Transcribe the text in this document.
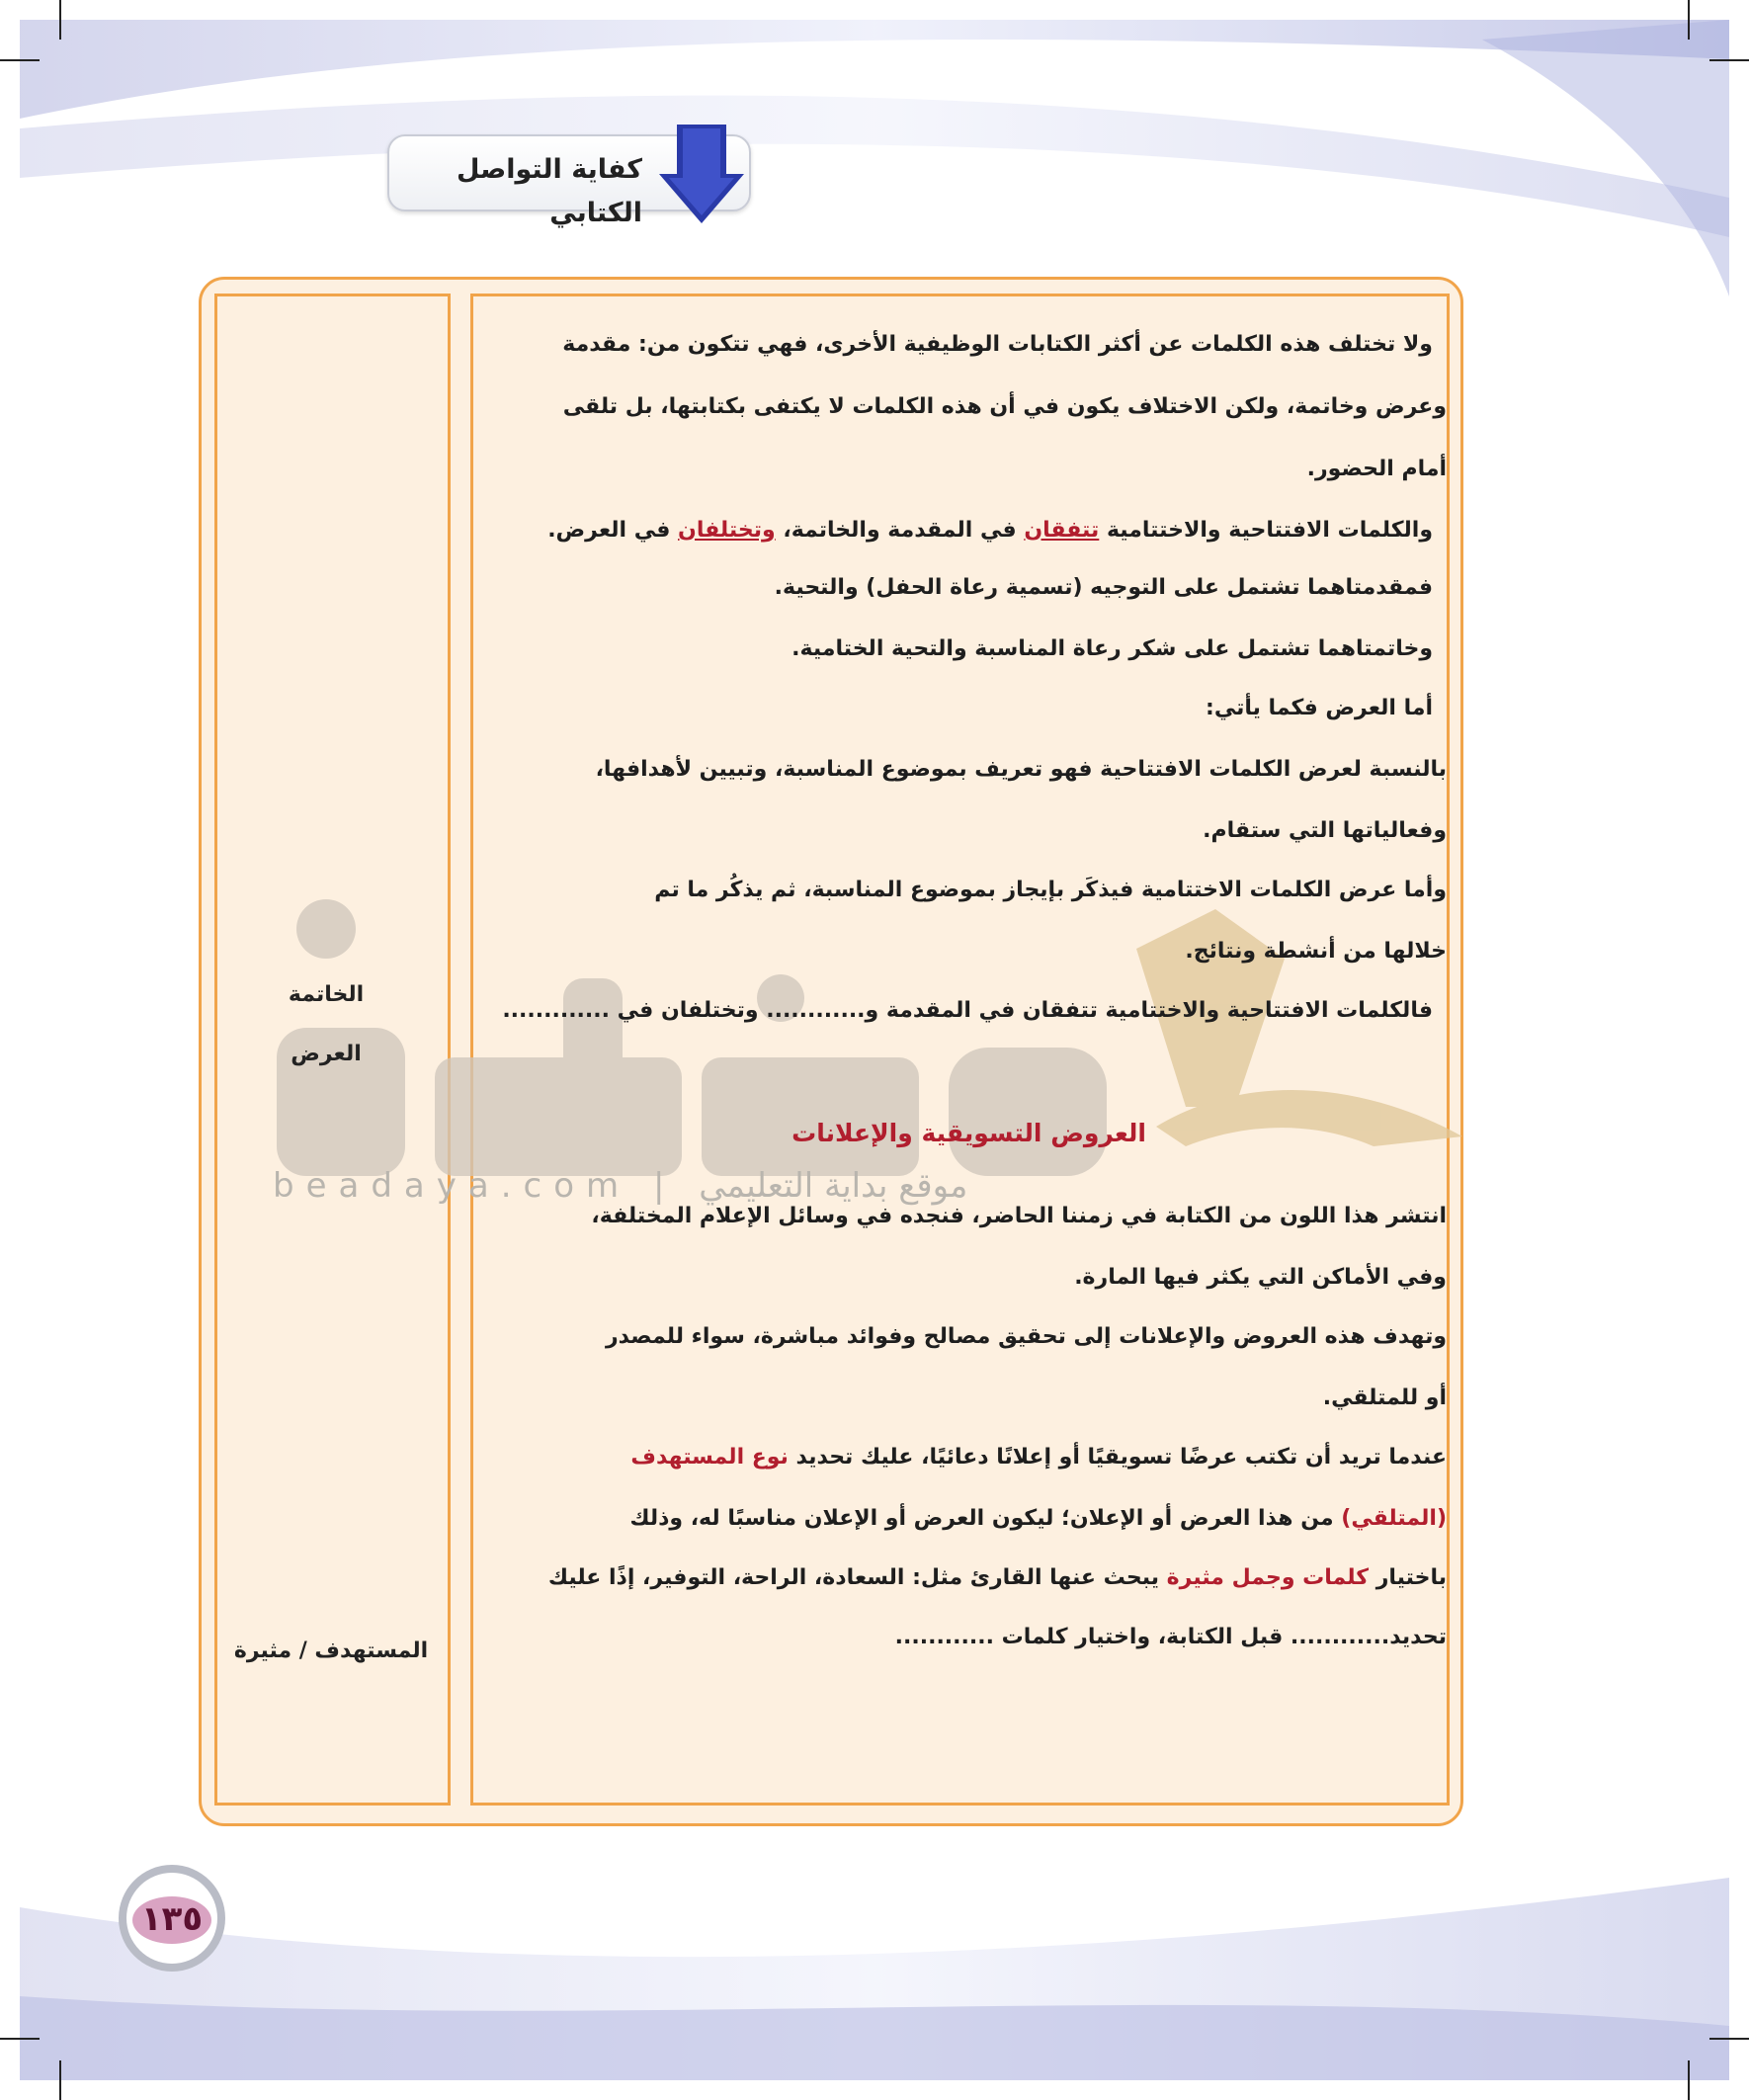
كفاية التواصل الكتابي
beadaya.com | موقع بداية التعليمي
ولا تختلف هذه الكلمات عن أكثر الكتابات الوظيفية الأخرى، فهي تتكون من: مقدمة
وعرض وخاتمة، ولكن الاختلاف يكون في أن هذه الكلمات لا يكتفى بكتابتها، بل تلقى
أمام الحضور.
والكلمات الافتتاحية والاختتامية تتفقان في المقدمة والخاتمة، وتختلفان في العرض.
فمقدمتاهما تشتمل على التوجيه (تسمية رعاة الحفل) والتحية.
وخاتمتاهما تشتمل على شكر رعاة المناسبة والتحية الختامية.
أما العرض فكما يأتي:
بالنسبة لعرض الكلمات الافتتاحية فهو تعريف بموضوع المناسبة، وتبيين لأهدافها،
وفعالياتها التي ستقام.
وأما عرض الكلمات الاختتامية فيذكَر بإيجاز بموضوع المناسبة، ثم يذكُر ما تم
خلالها من أنشطة ونتائج.
فالكلمات الافتتاحية والاختتامية تتفقان في المقدمة و............ وتختلفان في .............
الخاتمة
العرض
العروض التسويقية والإعلانات
انتشر هذا اللون من الكتابة في زمننا الحاضر، فنجده في وسائل الإعلام المختلفة،
وفي الأماكن التي يكثر فيها المارة.
وتهدف هذه العروض والإعلانات إلى تحقيق مصالح وفوائد مباشرة، سواء للمصدر
أو للمتلقي.
عندما تريد أن تكتب عرضًا تسويقيًا أو إعلانًا دعائيًا، عليك تحديد نوع المستهدف
(المتلقي) من هذا العرض أو الإعلان؛ ليكون العرض أو الإعلان مناسبًا له، وذلك
باختيار كلمات وجمل مثيرة يبحث عنها القارئ مثل: السعادة، الراحة، التوفير، إذًا عليك
تحديد............ قبل الكتابة، واختيار كلمات ............
المستهدف / مثيرة
١٣٥
